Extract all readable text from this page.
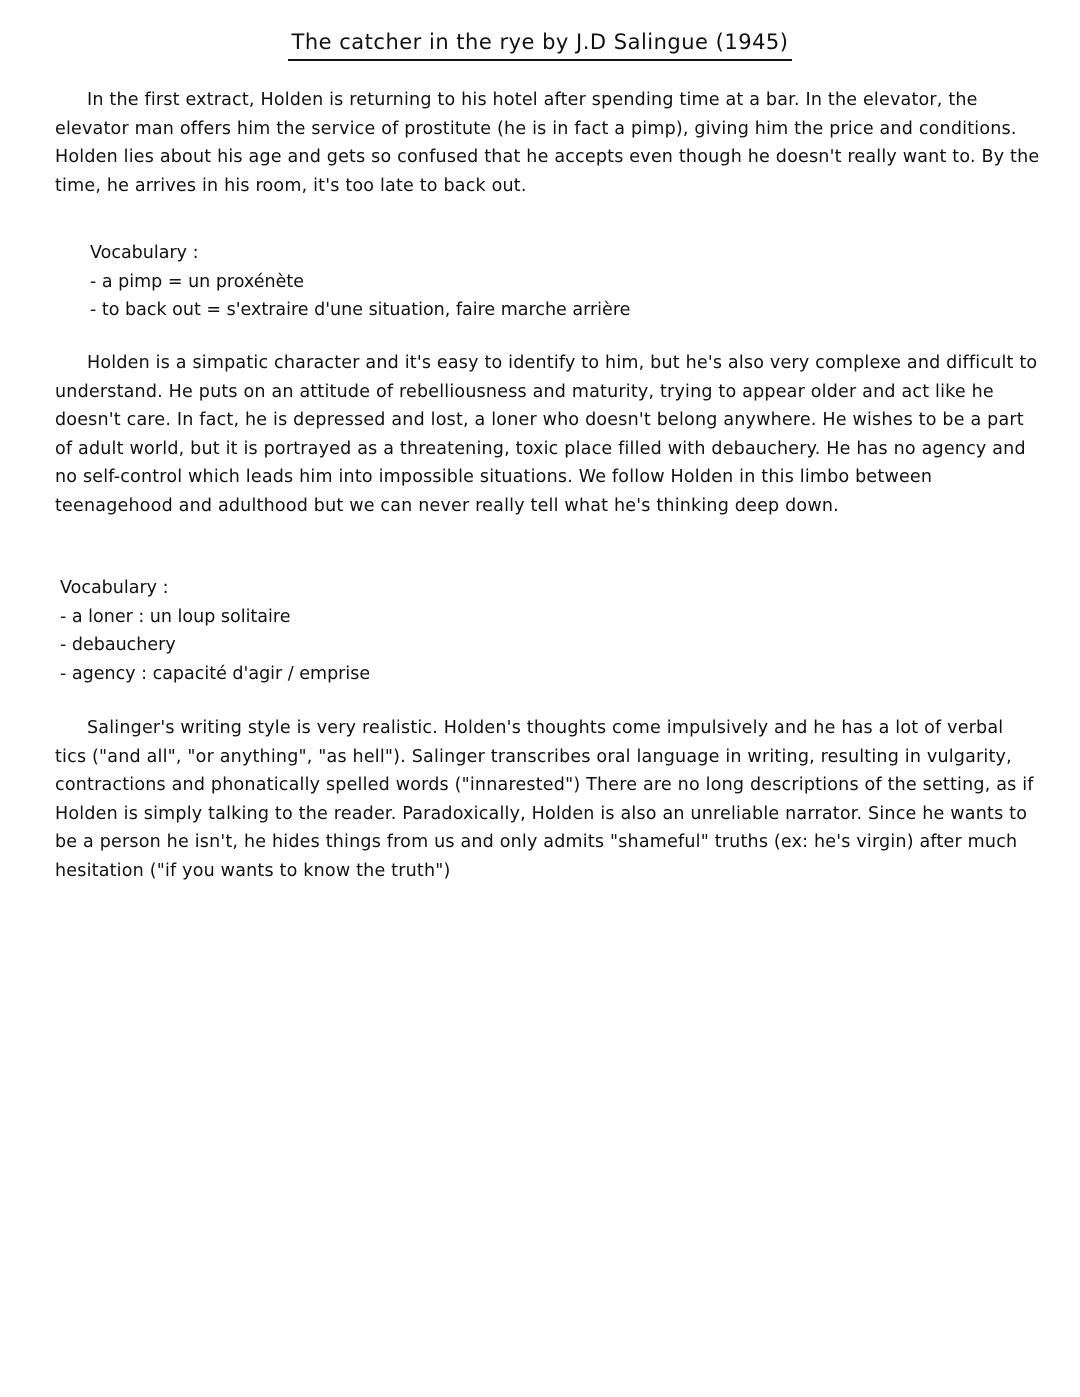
The catcher in the rye by J.D Salingue (1945)

In the first extract, Holden is returning to his hotel after spending time at a bar. In the elevator, the elevator man offers him the service of prostitute (he is in fact a pimp), giving him the price and conditions. Holden lies about his age and gets so confused that he accepts even though he doesn't really want to. By the time, he arrives in his room, it's too late to back out.

Vocabulary :

- a pimp = un proxénète
- to back out = s'extraire d'une situation, faire marche arrière

Holden is a simpatic character and it's easy to identify to him, but he's also very complexe and difficult to understand. He puts on an attitude of rebelliousness and maturity, trying to appear older and act like he doesn't care. In fact, he is depressed and lost, a loner who doesn't belong anywhere. He wishes to be a part of adult world, but it is portrayed as a threatening, toxic place filled with debauchery. He has no agency and no self-control which leads him into impossible situations. We follow Holden in this limbo between teenagehood and adulthood but we can never really tell what he's thinking deep down.

Vocabulary :

- a loner : un loup solitaire
- debauchery
- agency : capacité d'agir / emprise

Salinger's writing style is very realistic. Holden's thoughts come impulsively and he has a lot of verbal tics ("and all", "or anything", "as hell"). Salinger transcribes oral language in writing, resulting in vulgarity, contractions and phonatically spelled words ("innarested") There are no long descriptions of the setting, as if Holden is simply talking to the reader. Paradoxically, Holden is also an unreliable narrator. Since he wants to be a person he isn't, he hides things from us and only admits "shameful" truths (ex: he's virgin) after much hesitation ("if you wants to know the truth")
